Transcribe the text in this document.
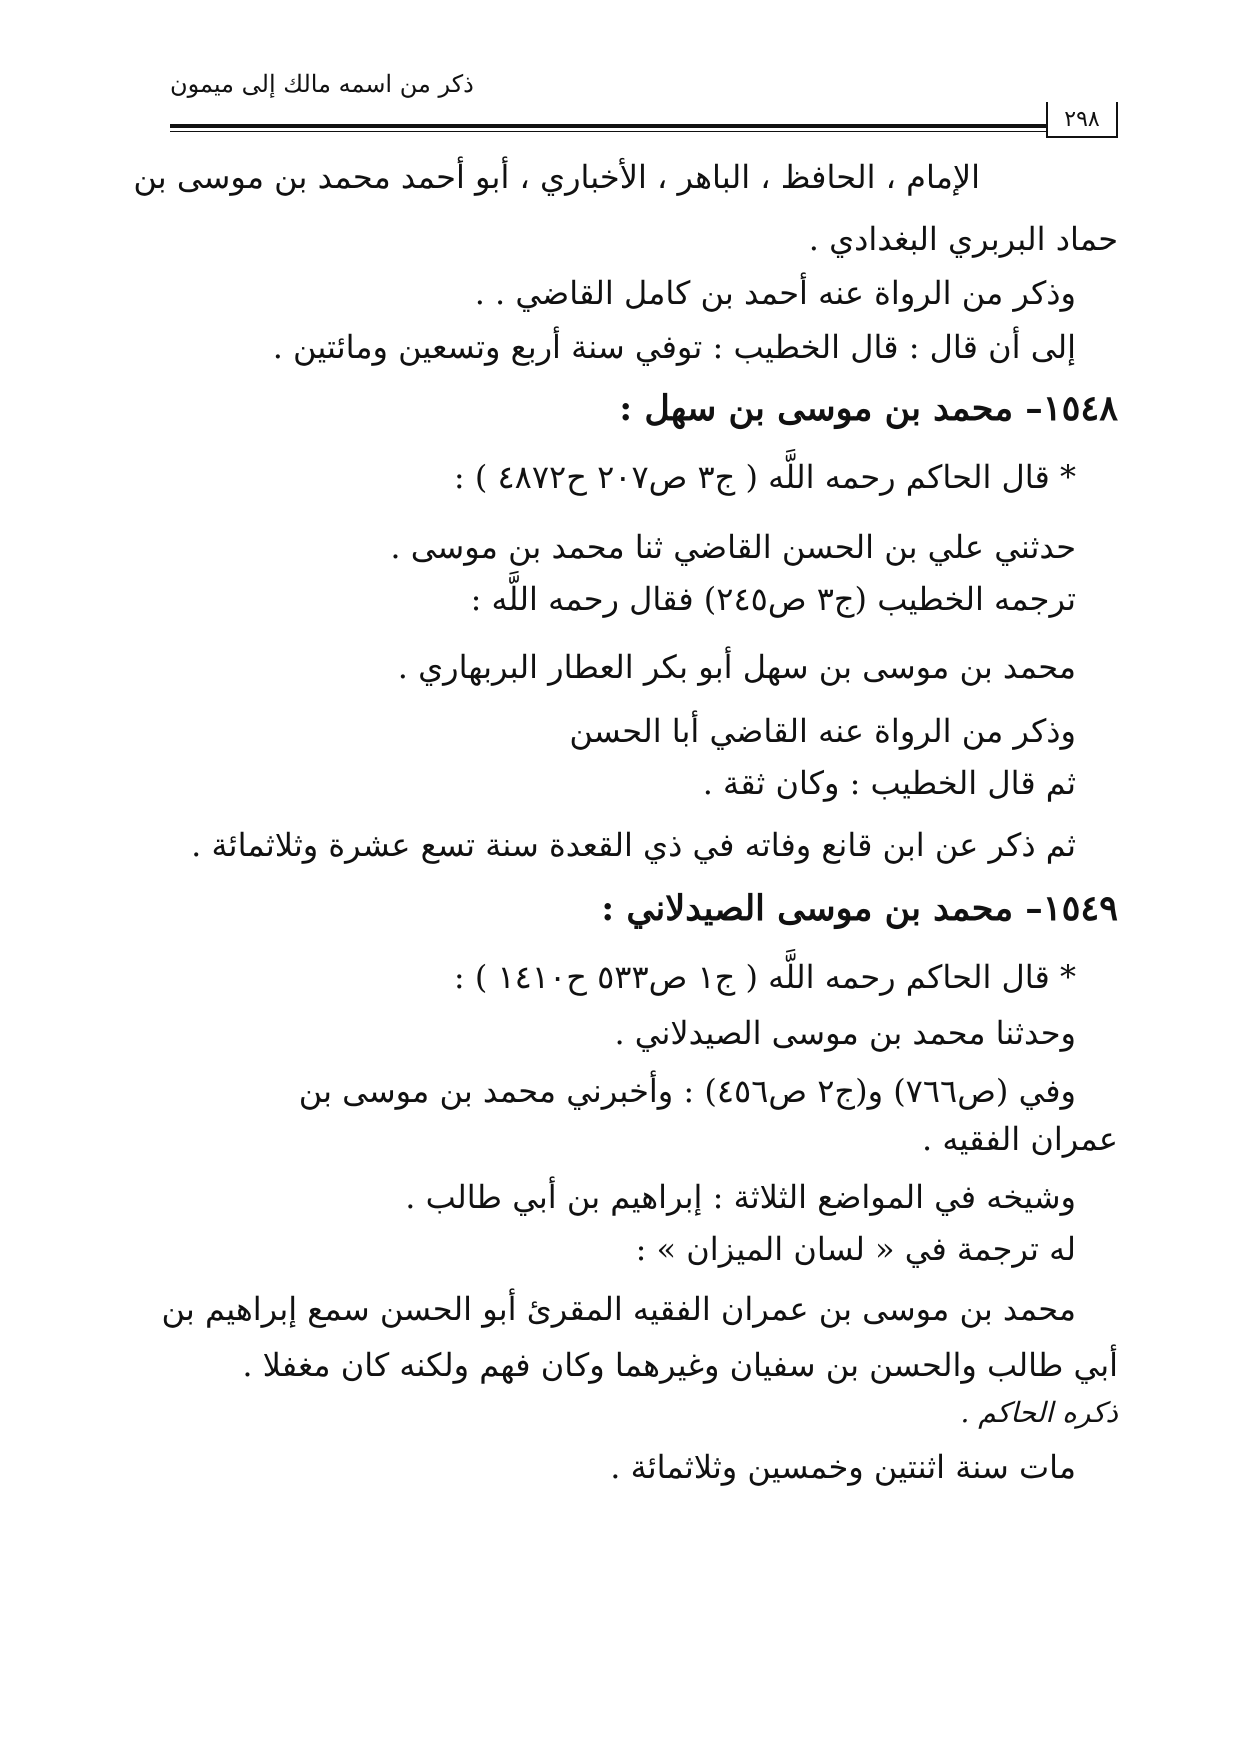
ذكر من اسمه مالك إلى ميمون
٢٩٨
الإمام ، الحافظ ، الباهر ، الأخباري ، أبو أحمد محمد بن موسى بن
حماد البربري البغدادي .
وذكر من الرواة عنه أحمد بن كامل القاضي . .
إلى أن قال : قال الخطيب : توفي سنة أربع وتسعين ومائتين .
١٥٤٨– محمد بن موسى بن سهل :
* قال الحاكم رحمه اللَّه ( ج٣ ص٢٠٧ ح٤٨٧٢ ) :
حدثني علي بن الحسن القاضي ثنا محمد بن موسى .
ترجمه الخطيب (ج٣ ص٢٤٥) فقال رحمه اللَّه :
محمد بن موسى بن سهل أبو بكر العطار البربهاري .
وذكر من الرواة عنه القاضي أبا الحسن
ثم قال الخطيب : وكان ثقة .
ثم ذكر عن ابن قانع وفاته في ذي القعدة سنة تسع عشرة وثلاثمائة .
١٥٤٩– محمد بن موسى الصيدلاني :
* قال الحاكم رحمه اللَّه ( ج١ ص٥٣٣ ح١٤١٠ ) :
وحدثنا محمد بن موسى الصيدلاني .
وفي (ص٧٦٦) و(ج٢ ص٤٥٦) : وأخبرني محمد بن موسى بن
عمران الفقيه .
وشيخه في المواضع الثلاثة : إبراهيم بن أبي طالب .
له ترجمة في « لسان الميزان » :
محمد بن موسى بن عمران الفقيه المقرئ أبو الحسن سمع إبراهيم بن
أبي طالب والحسن بن سفيان وغيرهما وكان فهم ولكنه كان مغفلا .
ذكره الحاكم .
مات سنة اثنتين وخمسين وثلاثمائة .
